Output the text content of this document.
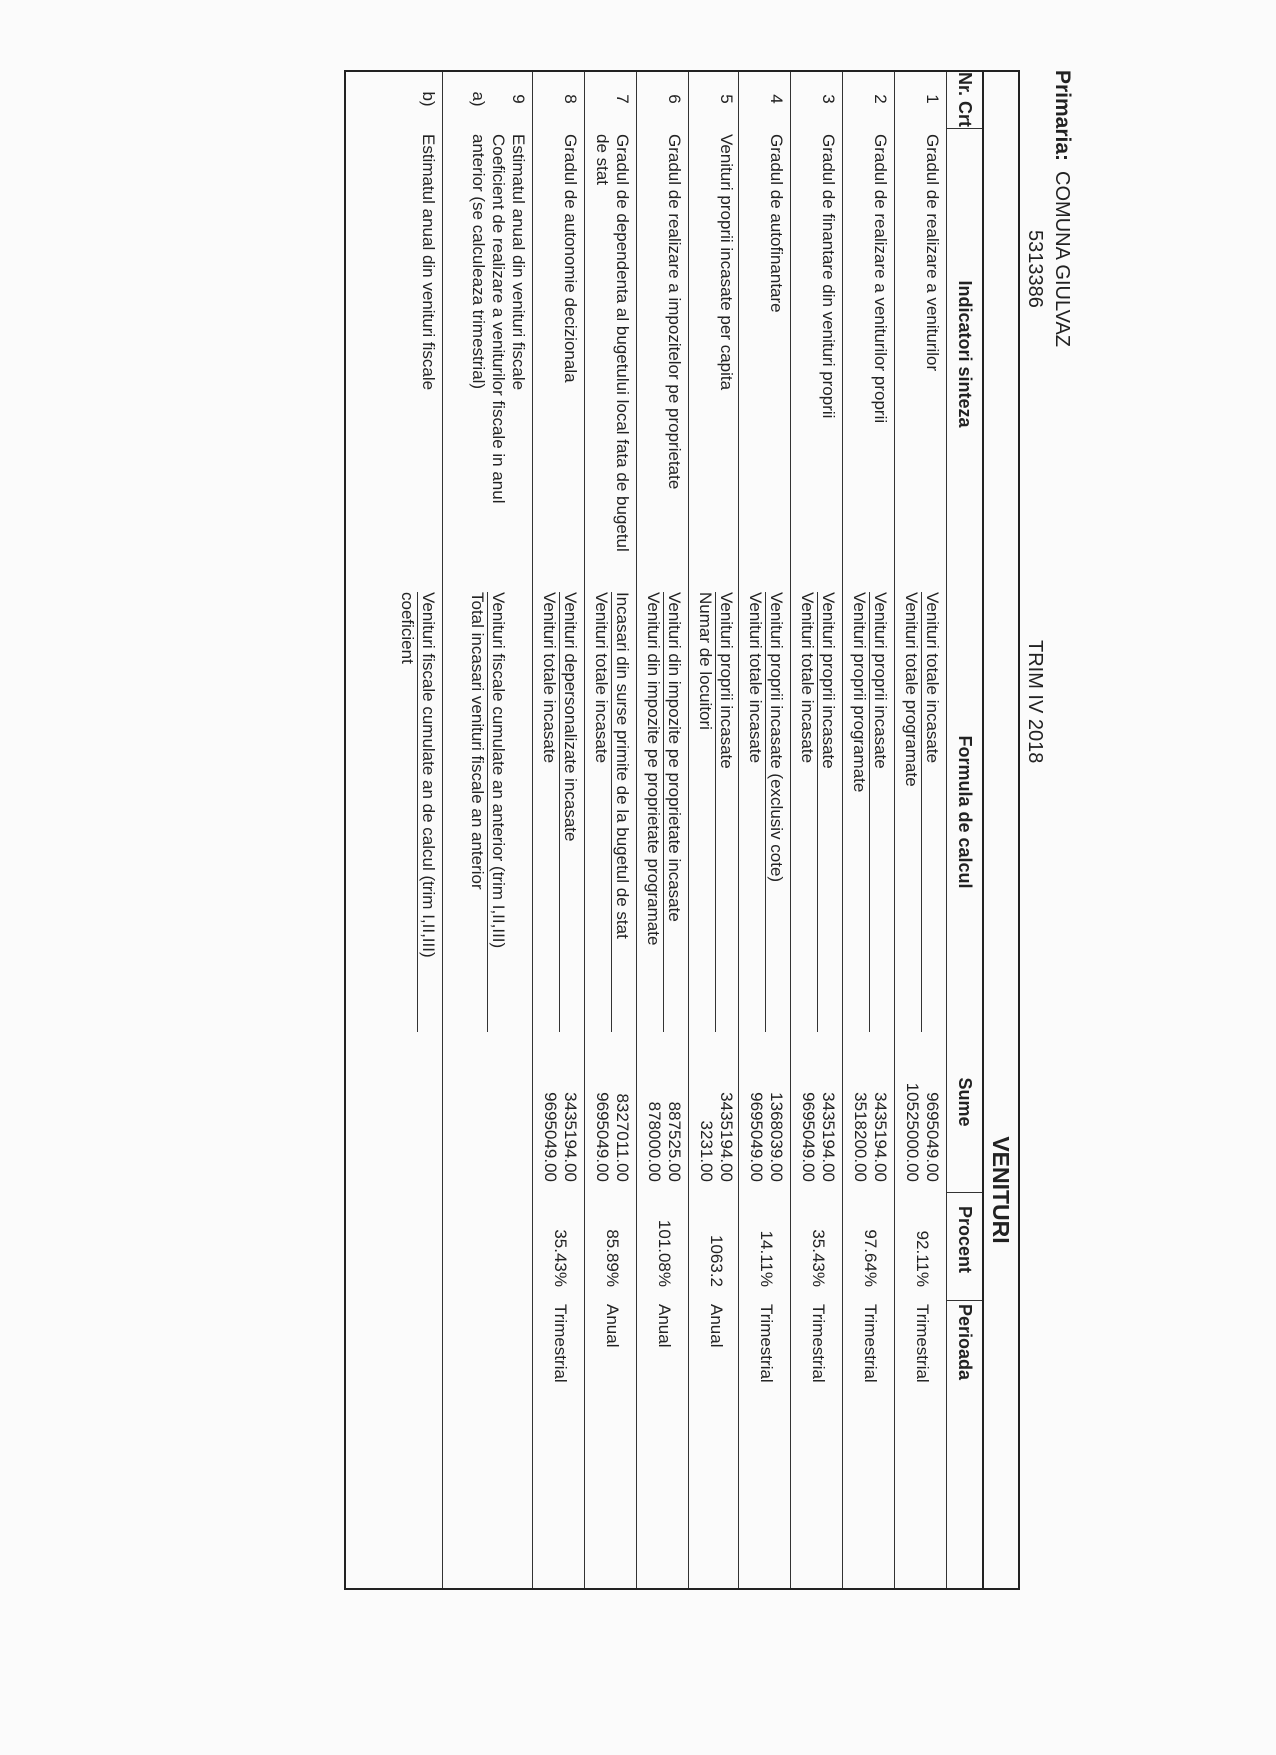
Primaria:COMUNA GIULVAZ
5313386
TRIM IV 2018
VENITURI
Nr. Crt
Indicatori sinteza
Formula de calcul
Sume
Procent
Perioada
1
Gradul de realizare a veniturilor
Venituri totale incasate
Venituri totale programate
9695049.00
10525000.00
92.11%
Trimestrial
2
Gradul de realizare a veniturilor proprii
Venituri proprii incasate
Venituri proprii programate
3435194.00
3518200.00
97.64%
Trimestrial
3
Gradul de finantare din venituri proprii
Venituri proprii incasate
Venituri totale incasate
3435194.00
9695049.00
35.43%
Trimestrial
4
Gradul de autofinantare
Venituri proprii incasate (exclusiv cote)
Venituri totale incasate
1368039.00
9695049.00
14.11%
Trimestrial
5
Venituri proprii incasate per capita
Venituri proprii incasate
Numar de locuitori
3435194.00
3231.00
1063.2
Anual
6
Gradul de realizare a impozitelor pe proprietate
Venituri din impozite pe proprietate incasate
Venituri din impozite pe proprietate programate
887525.00
878000.00
101.08%
Anual
7
Gradul de dependenta al bugetului local fata de bugetul de stat
Incasari din surse primite de la bugetul de stat
Venituri totale incasate
8327011.00
9695049.00
85.89%
Anual
8
Gradul de autonomie decizionala
Venituri depersonalizate incasate
Venituri totale incasate
3435194.00
9695049.00
35.43%
Trimestrial
9
Estimatul anual din venituri fiscale
a)
Coeficient de realizare a veniturilor fiscale in anul anterior (se calculeaza trimestrial)
Venituri fiscale cumulate an anterior (trim I,II,III)
Total incasari venituri fiscale an anterior
b)
Estimatul anual din venituri fiscale
Venituri fiscale cumulate an de calcul (trim I,II,III)
coeficient
